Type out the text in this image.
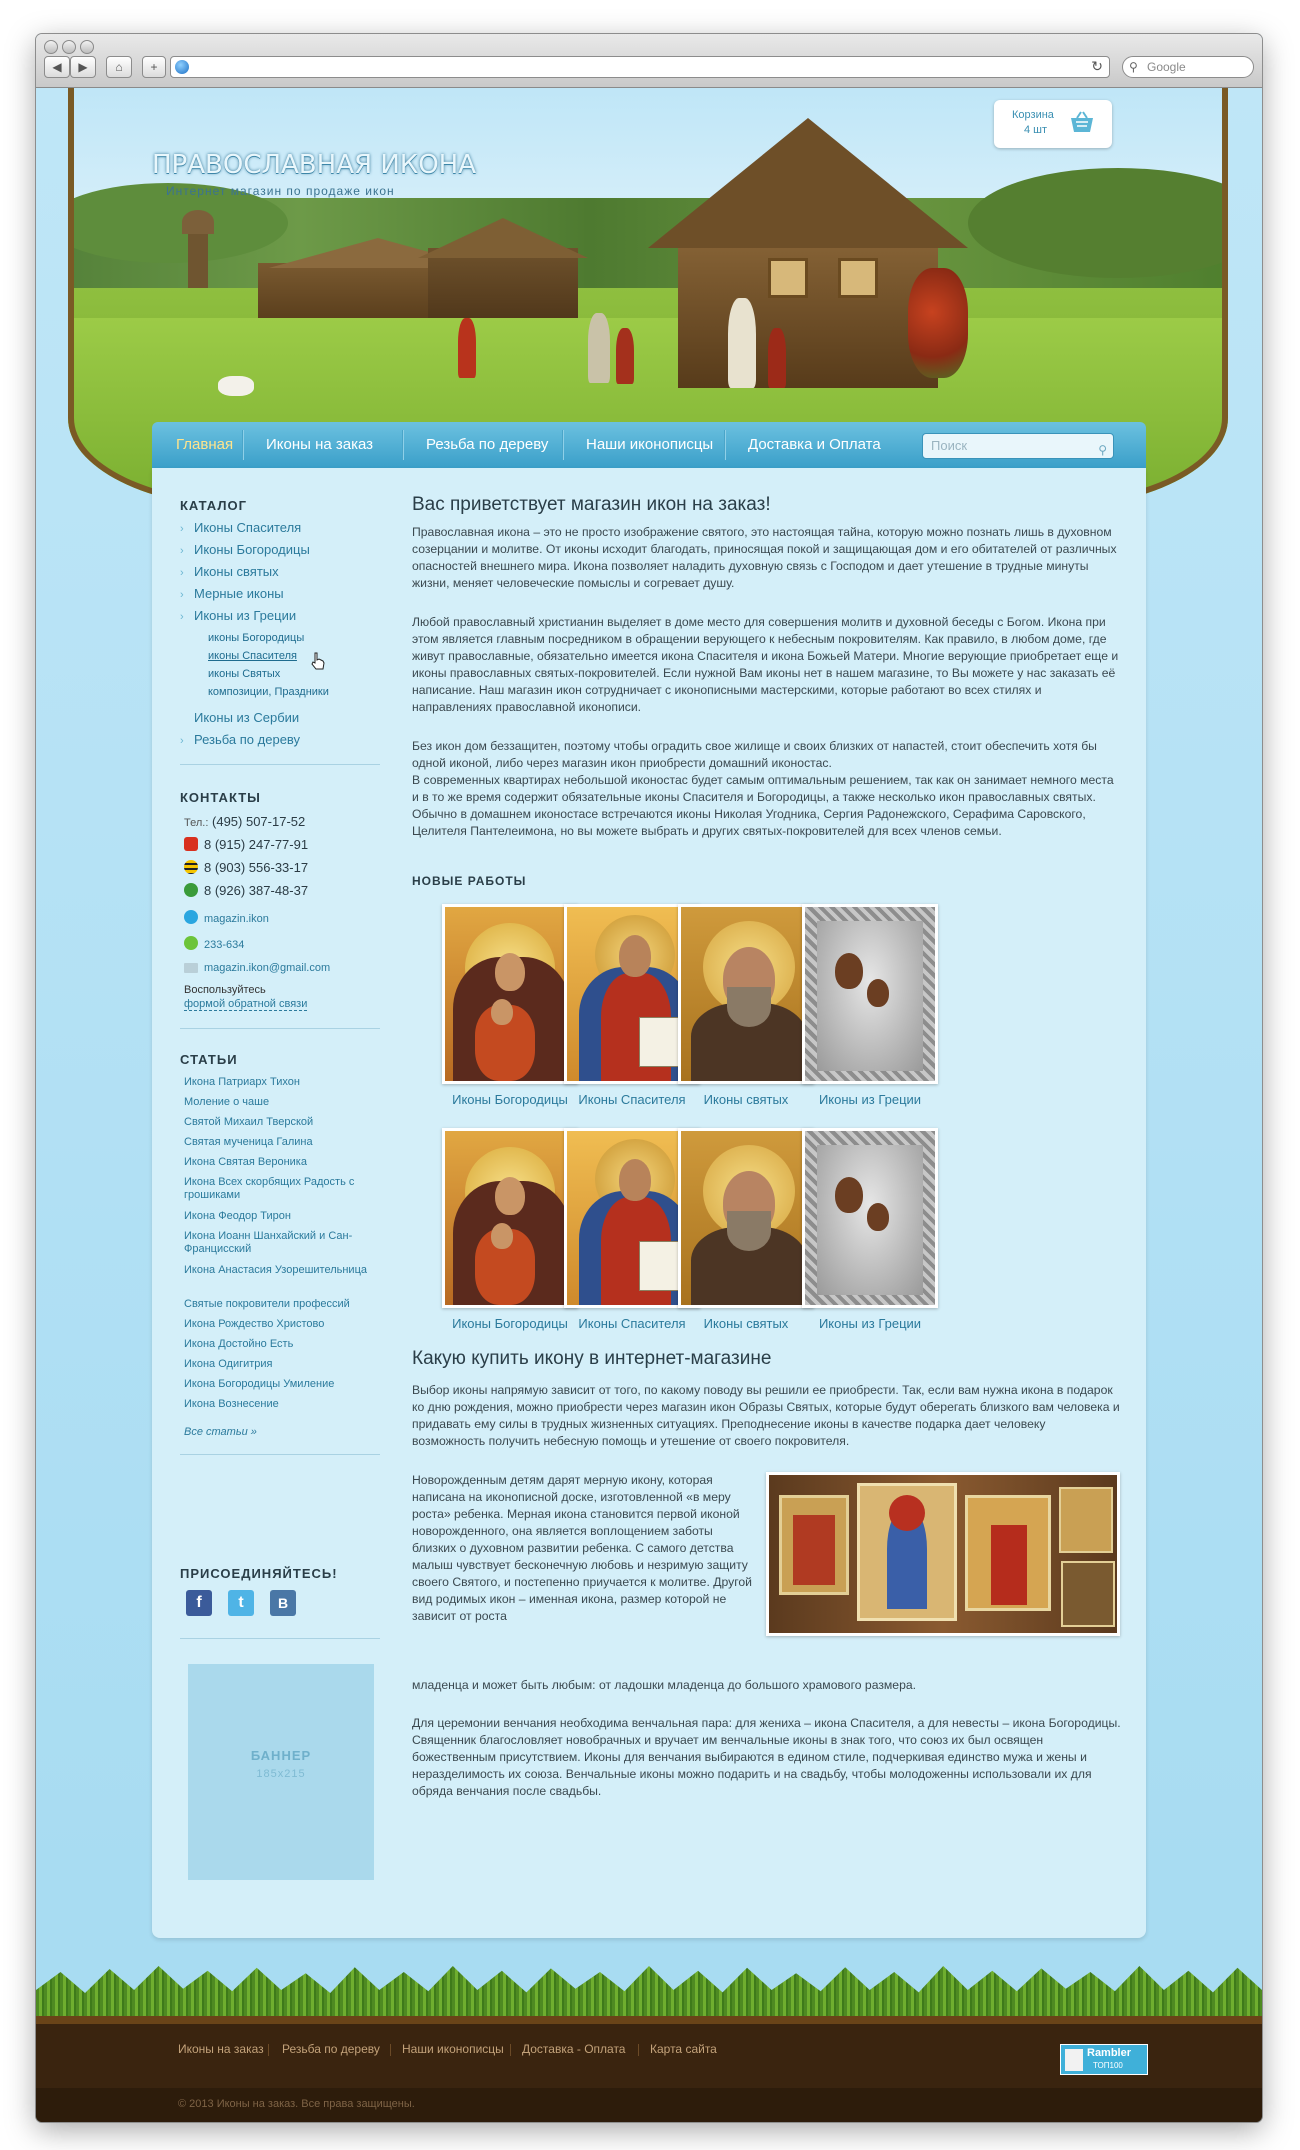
◀	▶	⌂	+	↻ ⚲ Google
ПРАВОСЛАВНАЯ ИКОНА
Интернет магазин по продаже икон
Корзина
4 шт
Главная	Иконы на заказ	Резьба по дереву	Наши иконописцы	Доставка и Оплата	Поиск	⚲
КАТАЛОГ
› Иконы Спасителя
› Иконы Богородицы
› Иконы святых
› Мерные иконы
› Иконы из Греции
иконы Богородицы
иконы Спасителя
иконы Святых
композиции, Праздники
Иконы из Сербии
› Резьба по дереву
КОНТАКТЫ
Тел.: (495) 507-17-52
8 (915) 247-77-91
8 (903) 556-33-17
8 (926) 387-48-37
magazin.ikon
233-634
magazin.ikon@gmail.com
Воспользуйтесь
формой обратной связи
СТАТЬИ
Икона Патриарх Тихон
Моление о чаше
Святой Михаил Тверской
Святая мученица Галина
Икона Святая Вероника
Икона Всех скорбящих Радость с грошиками
Икона Феодор Тирон
Икона Иоанн Шанхайский и Сан-Францисский
Икона Анастасия Узорешительница
Святые покровители профессий
Икона Рождество Христово
Икона Достойно Есть
Икона Одигитрия
Икона Богородицы Умиление
Икона Вознесение
Все статьи »
ПРИСОЕДИНЯЙТЕСЬ!
f	t	B
БАННЕР
185x215
Вас приветствует магазин икон на заказ!
Православная икона – это не просто изображение святого, это настоящая тайна, которую можно познать лишь в духовном созерцании и молитве. От иконы исходит благодать, приносящая покой и защищающая дом и его обитателей от различных опасностей внешнего мира. Икона позволяет наладить духовную связь с Господом и дает утешение в трудные минуты жизни, меняет человеческие помыслы и согревает душу.
Любой православный христианин выделяет в доме место для совершения молитв и духовной беседы с Богом. Икона при этом является главным посредником в обращении верующего к небесным покровителям. Как правило, в любом доме, где живут православные, обязательно имеется икона Спасителя и икона Божьей Матери. Многие верующие приобретает еще и иконы православных святых-покровителей. Если нужной Вам иконы нет в нашем магазине, то Вы можете у нас заказать её написание. Наш магазин икон сотрудничает с иконописными мастерскими, которые работают во всех стилях и направлениях православной иконописи.
Без икон дом беззащитен, поэтому чтобы оградить свое жилище и своих близких от напастей, стоит обеспечить хотя бы одной иконой, либо через магазин икон приобрести домашний иконостас.
В современных квартирах небольшой иконостас будет самым оптимальным решением, так как он занимает немного места и в то же время содержит обязательные иконы Спасителя и Богородицы, а также несколько икон православных святых. Обычно в домашнем иконостасе встречаются иконы Николая Угодника, Сергия Радонежского, Серафима Саровского, Целителя Пантелеимона, но вы можете выбрать и других святых-покровителей для всех членов семьи.
НОВЫЕ РАБОТЫ
Иконы Богородицы Иконы Спасителя	Иконы святых	Иконы из Греции
Иконы Богородицы Иконы Спасителя	Иконы святых	Иконы из Греции
Какую купить икону в интернет-магазине
Выбор иконы напрямую зависит от того, по какому поводу вы решили ее приобрести. Так, если вам нужна икона в подарок ко дню рождения, можно приобрести через магазин икон Образы Святых, которые будут оберегать близкого вам человека и придавать ему силы в трудных жизненных ситуациях. Преподнесение иконы в качестве подарка дает человеку возможность получить небесную помощь и утешение от своего покровителя.
Новорожденным детям дарят мерную икону, которая написана на иконописной доске, изготовленной «в меру роста» ребенка. Мерная икона становится первой иконой новорожденного, она является воплощением заботы близких о духовном развитии ребенка. С самого детства малыш чувствует бесконечную любовь и незримую защиту своего Святого, и постепенно приучается к молитве. Другой вид родимых икон – именная икона, размер которой не зависит от роста
младенца и может быть любым: от ладошки младенца до большого храмового размера.
Для церемонии венчания необходима венчальная пара: для жениха – икона Спасителя, а для невесты – икона Богородицы. Священник благословляет новобрачных и вручает им венчальные иконы в знак того, что союз их был освящен божественным присутствием. Иконы для венчания выбираются в едином стиле, подчеркивая единство мужа и жены и неразделимость их союза. Венчальные иконы можно подарить и на свадьбу, чтобы молодоженны использовали их для обряда венчания после свадьбы.
Иконы на заказ Резьба по дереву Наши иконописцы Доставка - Оплата Карта сайта	Rambler
ТОП100
© 2013 Иконы на заказ. Все права защищены.
